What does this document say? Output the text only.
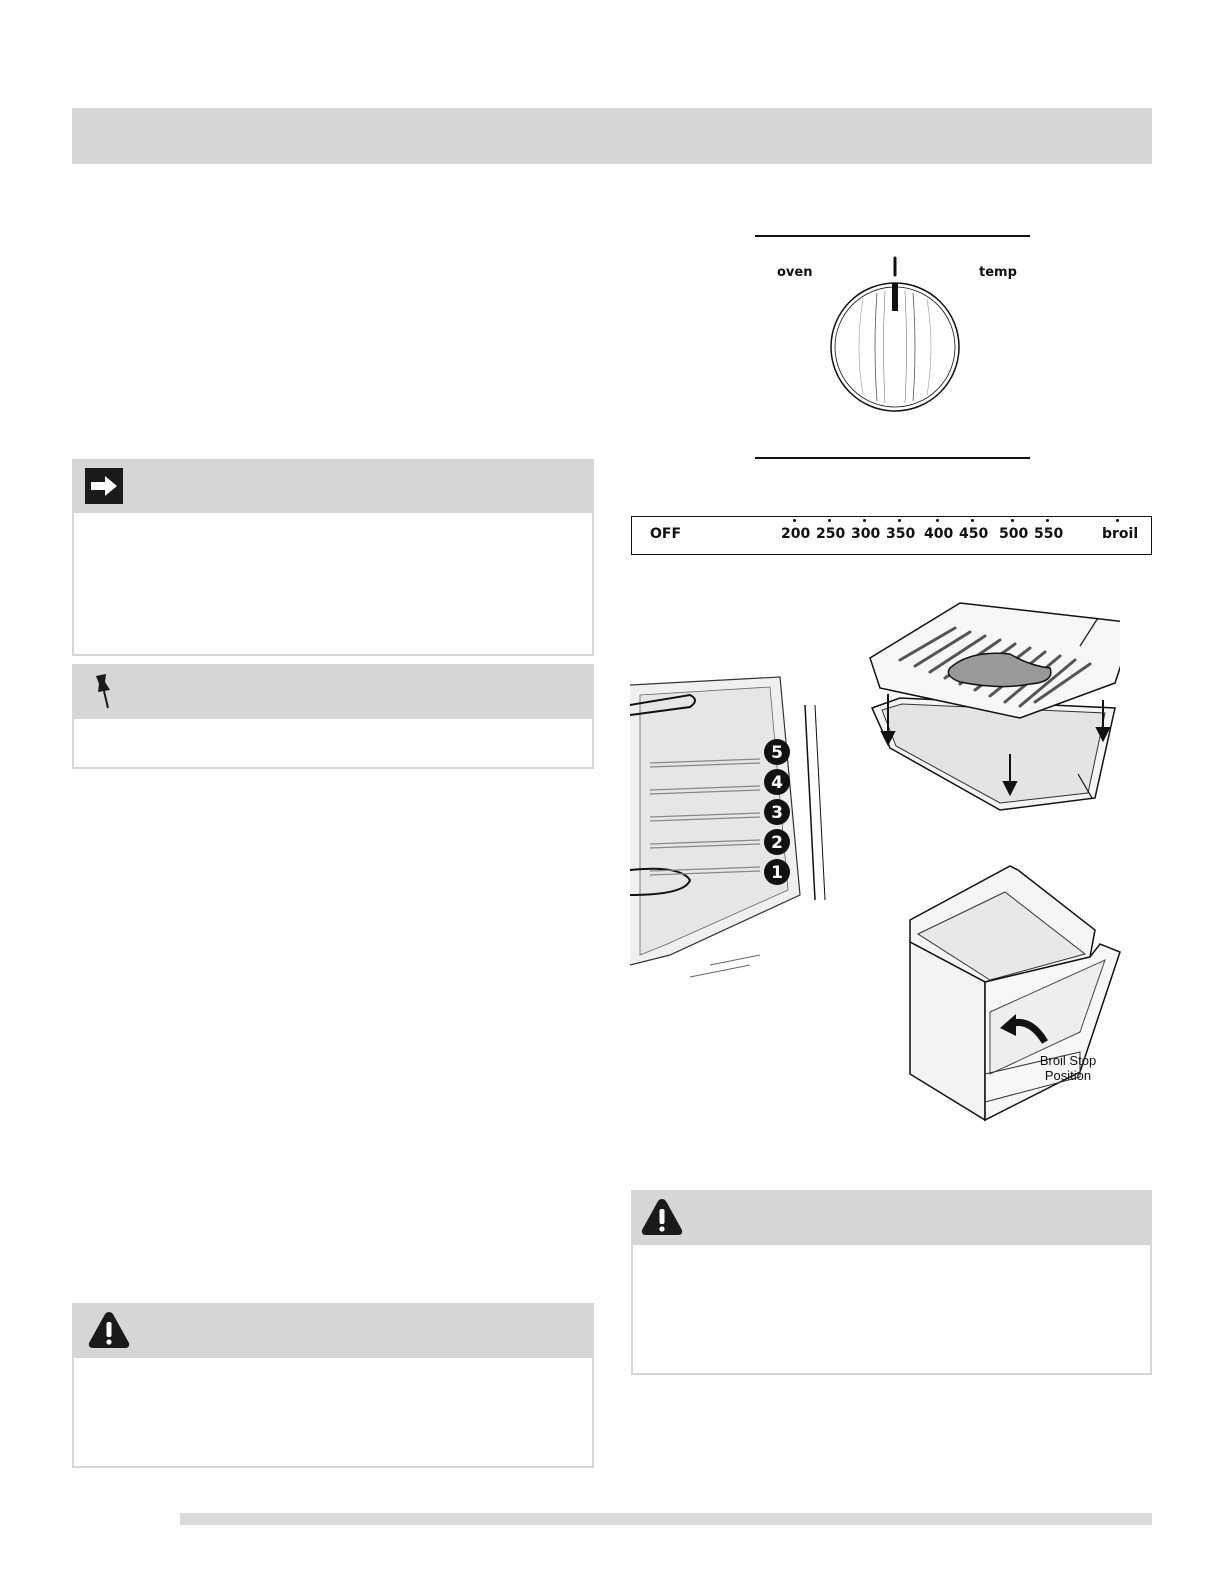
oven	temp
OFF	200 250 300 350 400 450 500 550	broil
5
4
3
2
1
Broil Stop
Position
